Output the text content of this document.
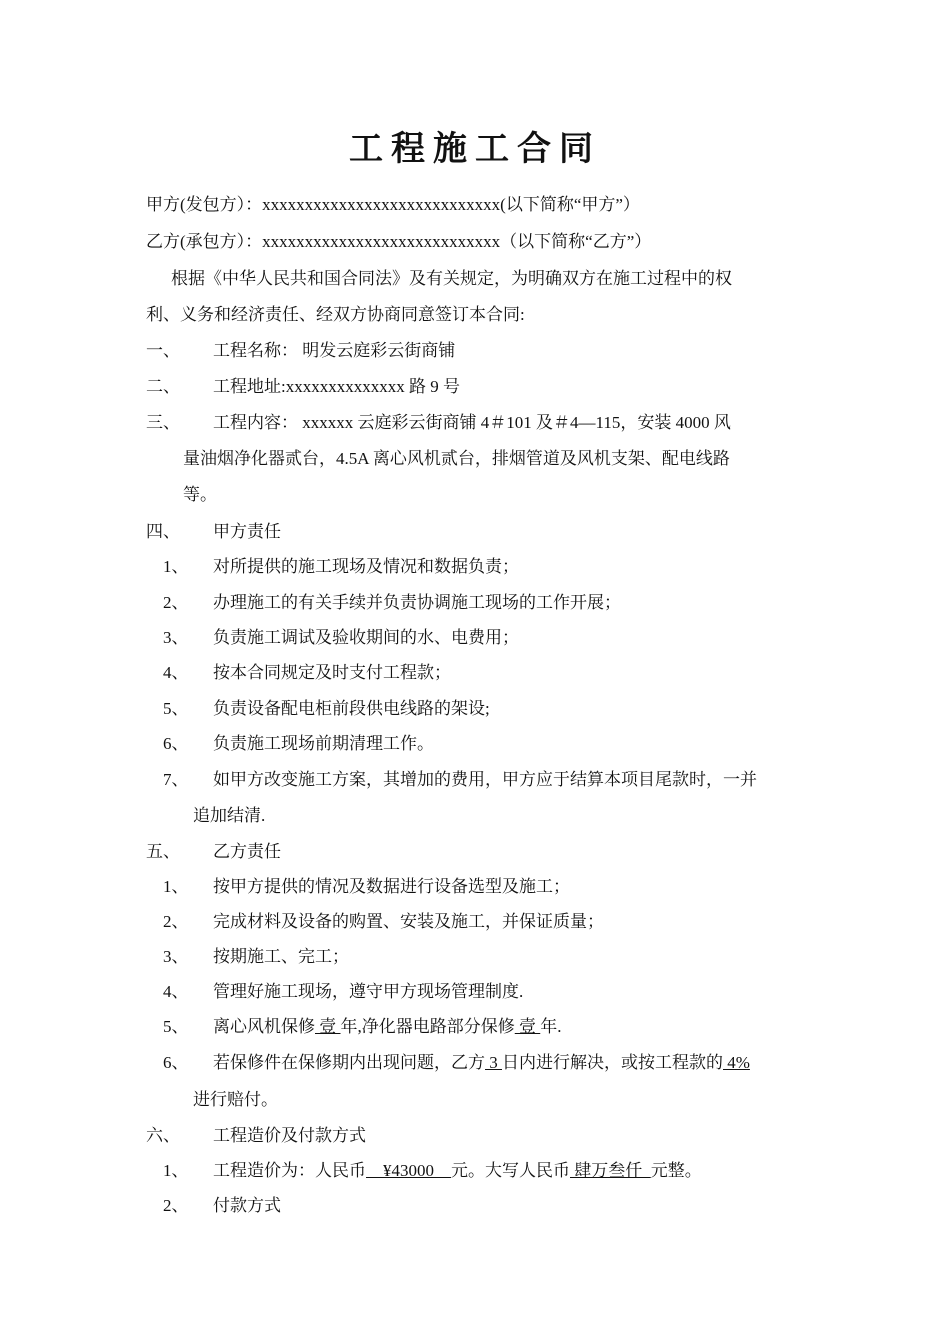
工程施工合同
甲方(发包方）：xxxxxxxxxxxxxxxxxxxxxxxxxxxx(以下简称“甲方”）
乙方(承包方）：xxxxxxxxxxxxxxxxxxxxxxxxxxxx（以下简称“乙方”）
根据《中华人民共和国合同法》及有关规定，为明确双方在施工过程中的权
利、义务和经济责任、经双方协商同意签订本合同:
一、 工程名称： 明发云庭彩云街商铺
二、 工程地址:xxxxxxxxxxxxxx 路 9 号
三、 工程内容： xxxxxx 云庭彩云街商铺 4＃101 及＃4—115，安装 4000 风
量油烟净化器贰台，4.5A 离心风机贰台，排烟管道及风机支架、配电线路
等。
四、 甲方责任
1、 对所提供的施工现场及情况和数据负责；
2、 办理施工的有关手续并负责协调施工现场的工作开展；
3、 负责施工调试及验收期间的水、电费用；
4、 按本合同规定及时支付工程款；
5、 负责设备配电柜前段供电线路的架设;
6、 负责施工现场前期清理工作。
7、 如甲方改变施工方案，其增加的费用，甲方应于结算本项目尾款时，一并
追加结清.
五、 乙方责任
1、 按甲方提供的情况及数据进行设备选型及施工；
2、 完成材料及设备的购置、安装及施工，并保证质量；
3、 按期施工、完工；
4、 管理好施工现场，遵守甲方现场管理制度.
5、 离心风机保修 壹 年,净化器电路部分保修 壹 年.
6、 若保修件在保修期内出现问题，乙方 3 日内进行解决，或按工程款的 4%
进行赔付。
六、 工程造价及付款方式
1、 工程造价为：人民币    ¥43000    元。大写人民币 肆万叁仟  元整。
2、 付款方式
